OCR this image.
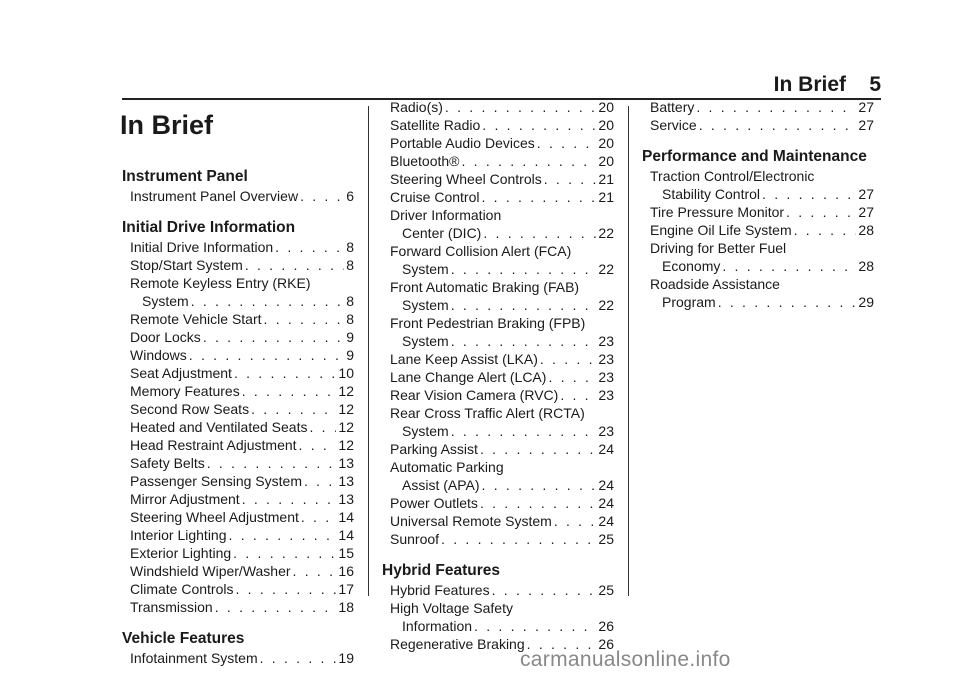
In Brief 5
In Brief
Instrument Panel
Instrument Panel Overview . . .	6
Initial Drive Information
Initial Drive Information . . .	8
Stop/Start System . . .	8
Remote Keyless Entry (RKE)
System . . .	8
Remote Vehicle Start . . .	8
Door Locks . . .	9
Windows . . .	9
Seat Adjustment . . .	10
Memory Features . . .	12
Second Row Seats . . .	12
Heated and Ventilated Seats . . . 12
Head Restraint Adjustment . . .	12
Safety Belts . . .	13
Passenger Sensing System . . .	13
Mirror Adjustment . . .	13
Steering Wheel Adjustment . . .	14
Interior Lighting . . .	14
Exterior Lighting . . .	15
Windshield Wiper/Washer . . .	16
Climate Controls . . .	17
Transmission . . .	18
Vehicle Features
Infotainment System . . .	19
Radio(s) . . .	20
Satellite Radio . . .	20
Portable Audio Devices . . .	20
Bluetooth® . . .	20
Steering Wheel Controls . . .	21
Cruise Control . . .	21
Driver Information
Center (DIC) . . .	22
Forward Collision Alert (FCA)
System . . .	22
Front Automatic Braking (FAB)
System . . .	22
Front Pedestrian Braking (FPB)
System . . .	23
Lane Keep Assist (LKA) . . .	23
Lane Change Alert (LCA) . . .	23
Rear Vision Camera (RVC) . . .	23
Rear Cross Traffic Alert (RCTA)
System . . .	23
Parking Assist . . .	24
Automatic Parking
Assist (APA) . . .	24
Power Outlets . . .	24
Universal Remote System . . .	24
Sunroof . . .	25
Hybrid Features
Hybrid Features . . .	25
High Voltage Safety
Information . . .	26
Regenerative Braking . . .	26
Battery . . .	27
Service . . .	27
Performance and Maintenance
Traction Control/Electronic
Stability Control . . .	27
Tire Pressure Monitor . . .	27
Engine Oil Life System . . .	28
Driving for Better Fuel
Economy . . .	28
Roadside Assistance
Program . . .	29
carmanualsonline.info
